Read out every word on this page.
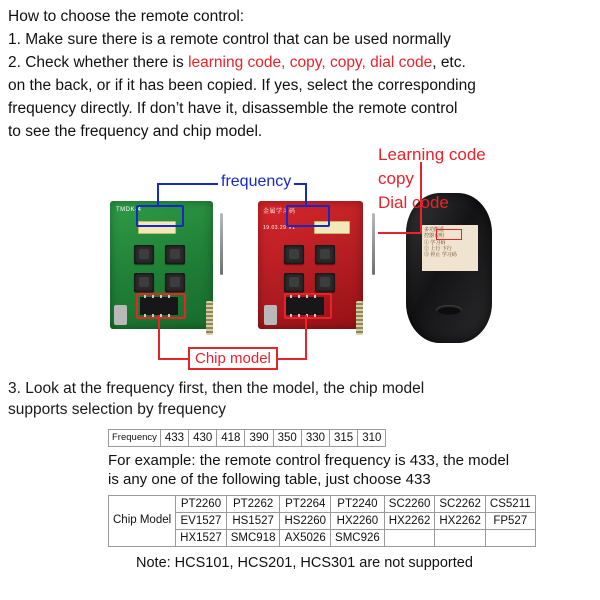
How to choose the remote control:

1. Make sure there is a remote control that can be used normally

2. Check whether there is learning code, copy, copy, dial code, etc.

on the back, or if it has been copied. If yes, select the corresponding

frequency directly. If don’t have it, disassemble the remote control

to see the frequency and chip model.

TMDK-4	金属学习码
19.03.29 V1	多功能遥
控器说明
① 学习码
② 上行 下行
③ 停止 学习码
frequency
Chip model
Learning code
copy
Dial code

3. Look at the frequency first, then the model, the chip model

supports selection by frequency

Frequency	433	430	418	390	350	330	315	310
For example: the remote control frequency is 433, the model
is any one of the following table, just choose 433
Chip Model	PT2260	PT2262	PT2264	PT2240	SC2260	SC2262	CS5211
	EV1527	HS1527	HS2260	HX2260	HX2262	HX2262	FP527
	HX1527	SMC918	AX5026	SMC926			
Note: HCS101, HCS201, HCS301 are not supported
